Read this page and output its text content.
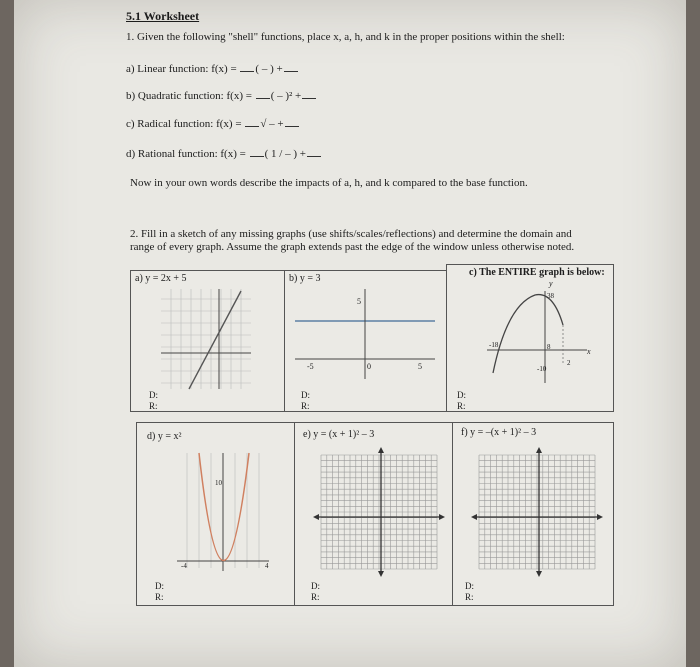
5.1 Worksheet
1. Given the following "shell" functions, place x, a, h, and k in the proper positions within the shell:
a) Linear function: f(x) = ( – ) +
b) Quadratic function: f(x) = ( – )² +
c) Radical function: f(x) = √ – +
d) Rational function: f(x) = ( 1 / – ) +
Now in your own words describe the impacts of a, h, and k compared to the base function.
2. Fill in a sketch of any missing graphs (use shifts/scales/reflections) and determine the domain and
range of every graph. Assume the graph extends past the edge of the window unless otherwise noted.
a) y = 2x + 5
D:
R:
b) y = 3
5
-5	0	5
D:
R:
c) The ENTIRE graph is below:
y
38
8
-18
-10
2
x
D:
R:
d) y = x²
10
-4	4
D:
R:
e) y = (x + 1)² – 3
D:
R:
f) y = –(x + 1)² – 3
D:
R:
